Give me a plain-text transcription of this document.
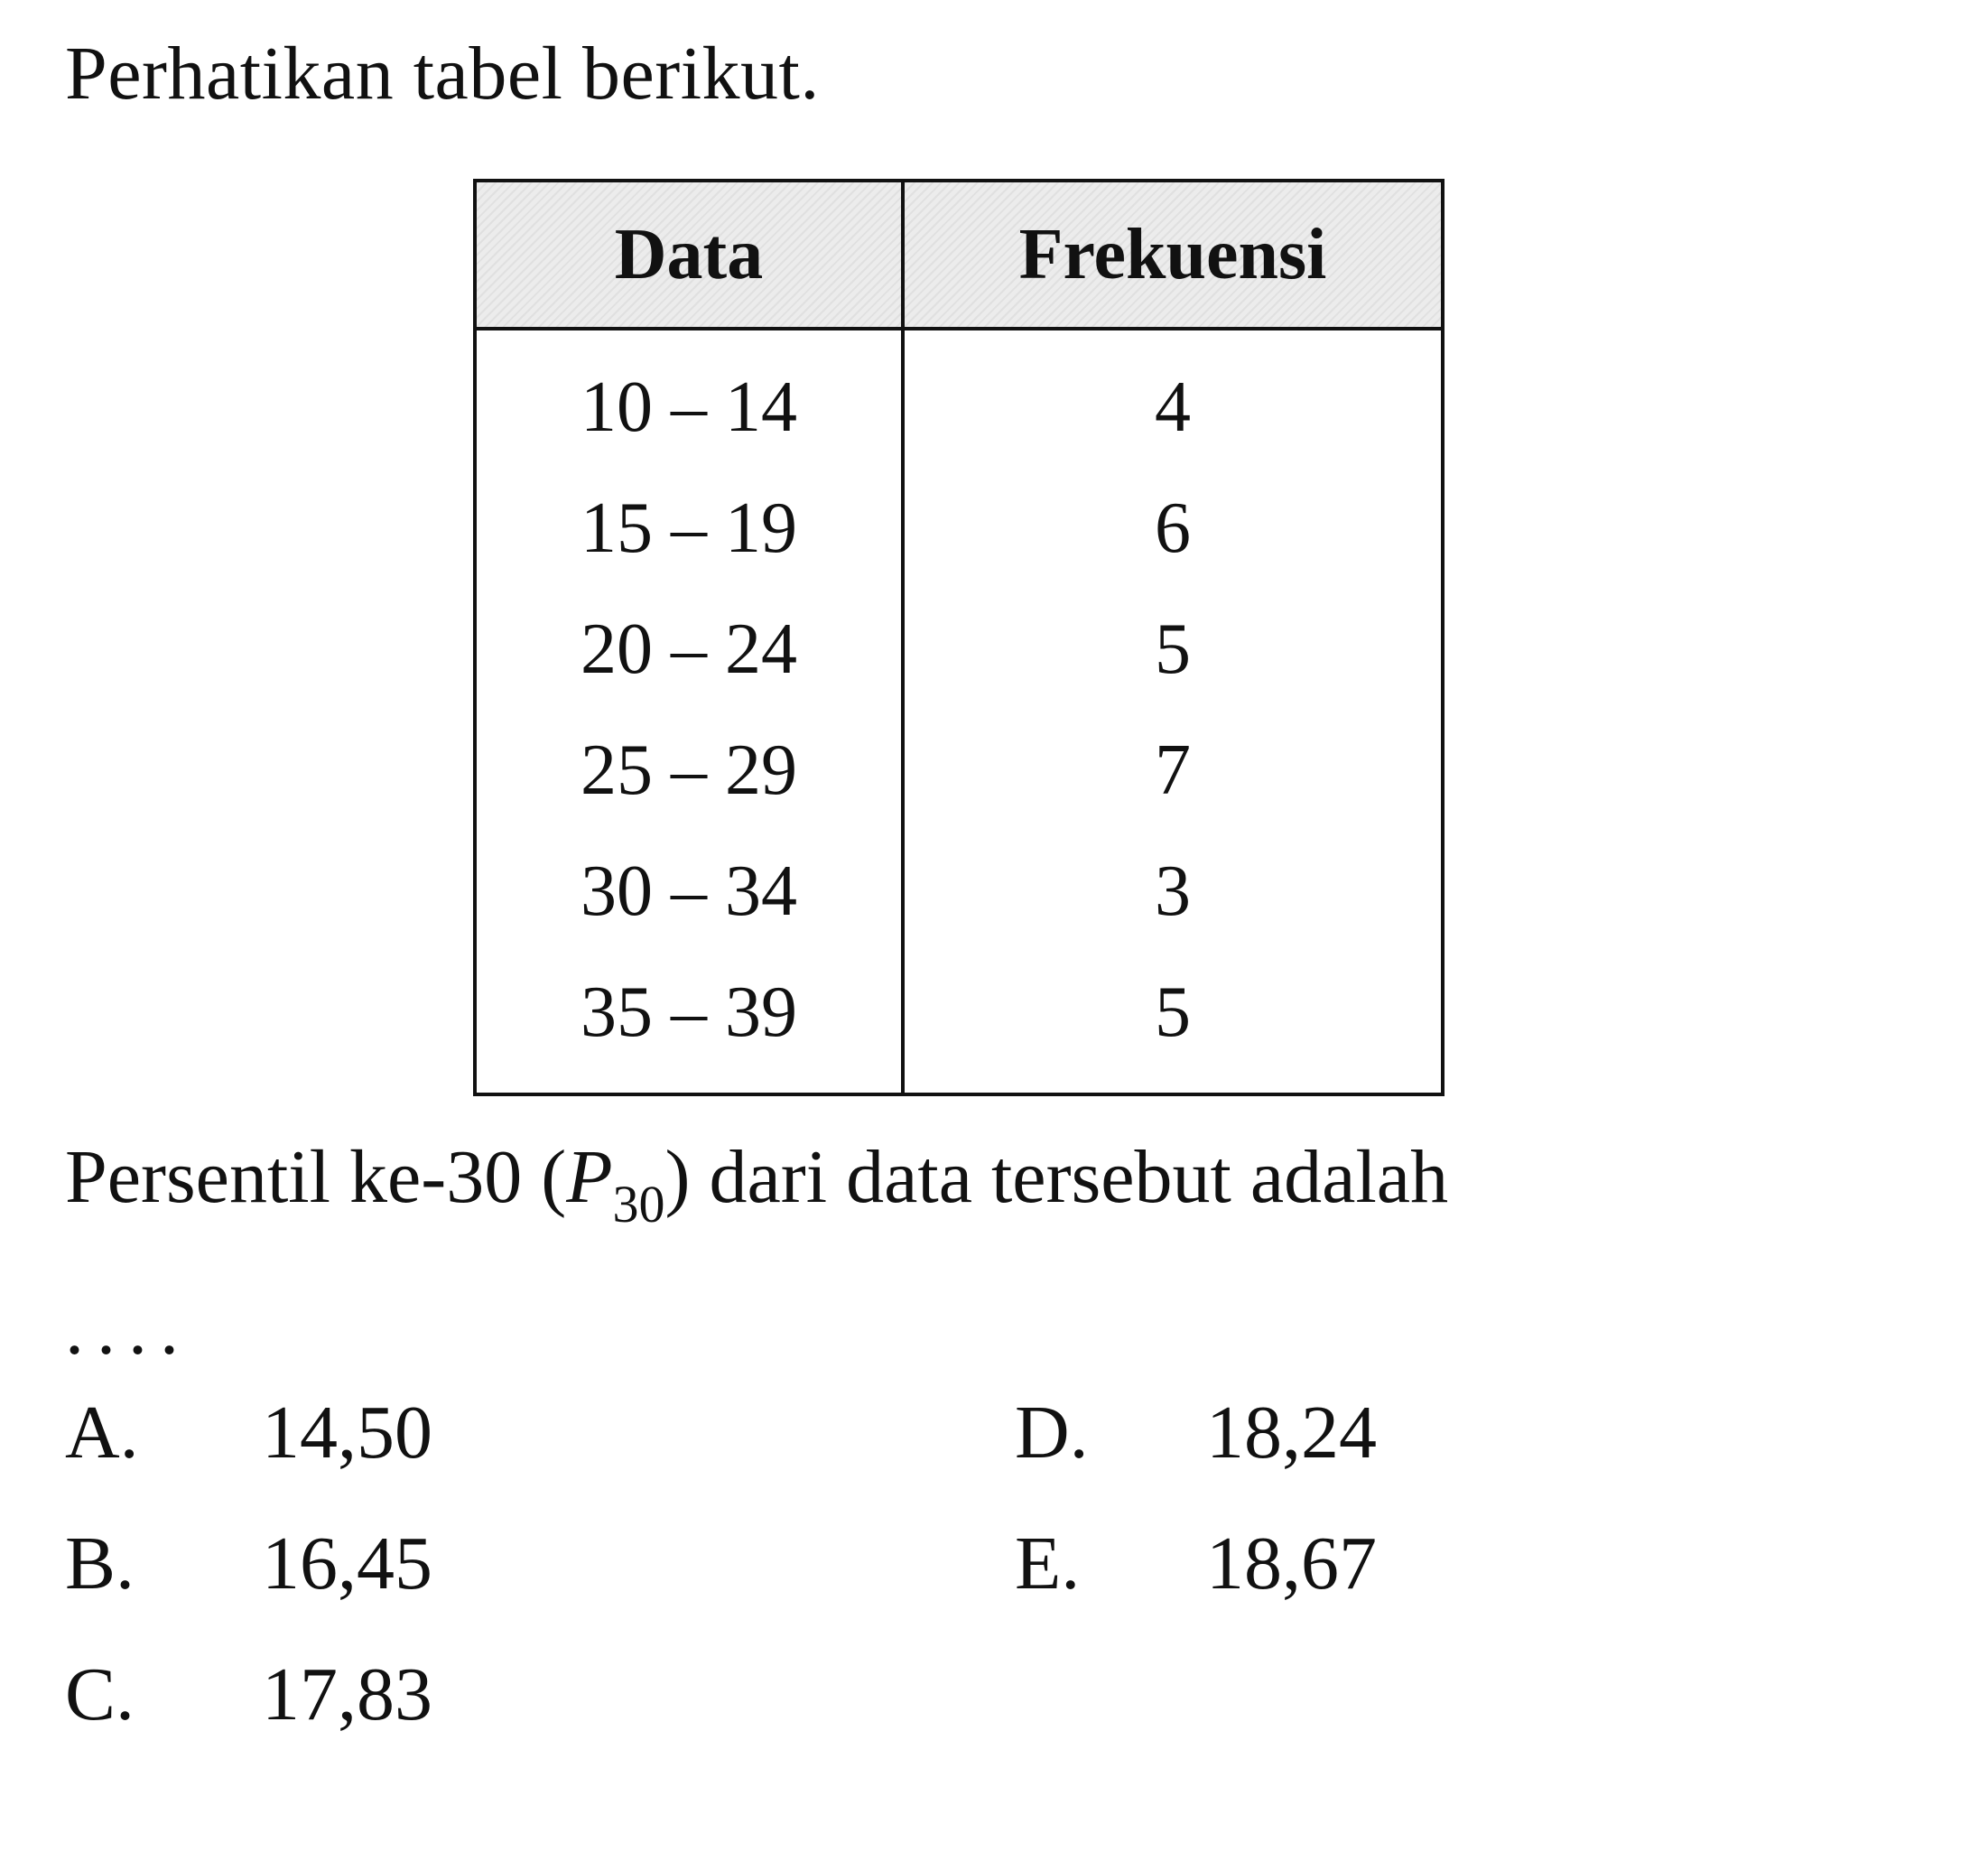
Perhatikan tabel berikut.
Data	Frekuensi
10 – 14	4
15 – 19	6
20 – 24	5
25 – 29	7
30 – 34	3
35 – 39	5
Persentil ke-30 $(P_{30})$ dari data tersebut adalah
....
A. 14,50
B. 16,45
C. 17,83
D. 18,24
E. 18,67
